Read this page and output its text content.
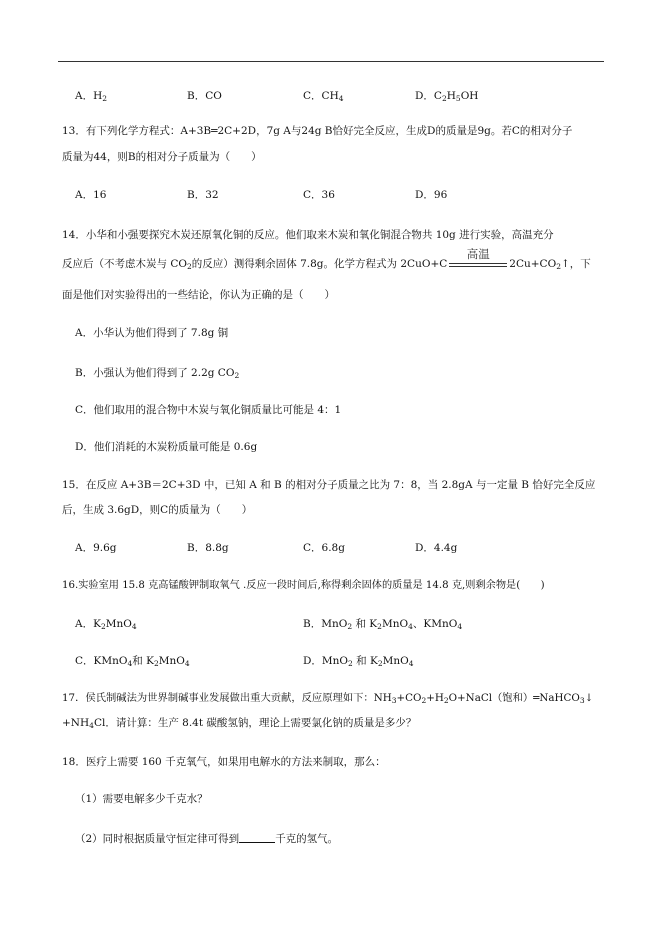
A．$H_2$	B．CO	C．$CH_4$	D．$C_2H_5OH$
13．有下列化学方程式：A+3B═2C+2D，7g A与24g B恰好完全反应，生成D的质量是9g。若C的相对分子
质量为44，则B的相对分子质量为（　　）
A．16	B．32	C．36	D．96
14．小华和小强要探究木炭还原氧化铜的反应。他们取来木炭和氧化铜混合物共 10g 进行实验，高温充分
反应后（不考虑木炭与 $CO_2$的反应）测得剩余固体 7.8g。化学方程式为 2CuO+C
高温
$2Cu+CO_2↑$，下
面是他们对实验得出的一些结论，你认为正确的是（　　）
A．小华认为他们得到了 7.8g 铜
B．小强认为他们得到了 2.2g $CO_2$
C．他们取用的混合物中木炭与氧化铜质量比可能是 4：1
D．他们消耗的木炭粉质量可能是 0.6g
15．在反应 A+3B＝2C+3D 中，已知 A 和 B 的相对分子质量之比为 7：8，当 2.8gA 与一定量 B 恰好完全反应
后，生成 3.6gD，则C的质量为（　　）
A．9.6g	B．8.8g	C．6.8g	D．4.4g
16.实验室用 15.8 克高锰酸钾制取氧气 .反应一段时间后,称得剩余固体的质量是 14.8 克,则剩余物是(　　)
A．$K_2MnO_4$	B．MnO$_2$ 和 $K_2MnO_4$、KMnO$_4$
C．KMnO$_4$和 $K_2MnO_4$	D．MnO$_2$ 和 $K_2MnO_4$
17．侯氏制碱法为世界制碱事业发展做出重大贡献，反应原理如下：$NH_3+CO_2+H_2O+NaCl$（饱和）═NaHCO$_3$↓
$+NH_4Cl$．请计算：生产 8.4t 碳酸氢钠，理论上需要氯化钠的质量是多少？
18．医疗上需要 160 千克氧气，如果用电解水的方法来制取，那么：
（1）需要电解多少千克水？
（2）同时根据质量守恒定律可得到	千克的氢气。
